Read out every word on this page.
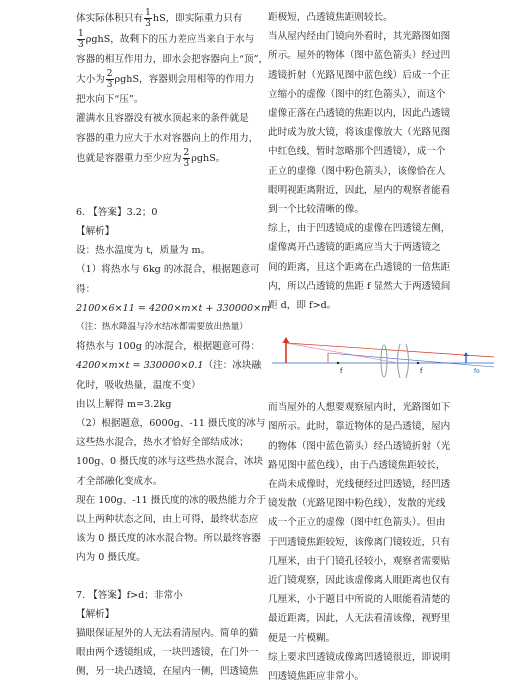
体实际体积只有 $\frac{1}{3}$ hS，即实际重力只有
$\frac{1}{3}$ ρghS，故剩下的压力差应当来自于水与
容器的相互作用力，即水会把容器向上“顶”，
大小为 $\frac{2}{3}$ ρghS，容器则会用相等的作用力
把水向下“压”。
灌满水且容器没有被水顶起来的条件就是
容器的重力应大于水对容器向上的作用力，
也就是容器重力至少应为 $\frac{2}{3}$ ρghS。
6. 【答案】3.2；0
【解析】
设：热水温度为 t，质量为 m。
（1）将热水与 6kg 的冰混合，根据题意可
得：
2100×6×11 = 4200×m×t + 330000×m
（注：热水降温与冷水结冰都需要放出热量）
将热水与 100g 的冰混合，根据题意可得：
4200×m×t = 330000×0.1（注：冰块融
化时，吸收热量，温度不变）
由以上解得 m=3.2kg
（2）根据题意，6000g、-11 摄氏度的冰与
这些热水混合，热水才恰好全部结成冰；
100g、0 摄氏度的冰与这些热水混合，冰块
才全部融化变成水。
现在 100g、-11 摄氏度的冰的吸热能力介于
以上两种状态之间，由上可得，最终状态应
该为 0 摄氏度的冰水混合物。所以最终容器
内为 0 摄氏度。
7. 【答案】f>d；非常小
【解析】
猫眼保证屋外的人无法看清屋内。简单的猫
眼由两个透镜组成，一块凹透镜，在门外一
侧，另一块凸透镜，在屋内一侧，凹透镜焦
距极短，凸透镜焦距则较长。
当从屋内经由门镜向外看时，其光路图如图
所示。屋外的物体（图中蓝色箭头）经过凹
透镜折射（光路见图中蓝色线）后成一个正
立缩小的虚像（图中的红色箭头），而这个
虚像正落在凸透镜的焦距以内，因此凸透镜
此时成为放大镜，将该虚像放大（光路见图
中红色线，暂时忽略那个凹透镜），成一个
正立的虚像（图中粉色箭头），该像恰在人
眼明视距离附近，因此，屋内的观察者能看
到一个比较清晰的像。
综上，由于凹透镜成的虚像在凹透镜左侧，
虚像离开凸透镜的距离应当大于两透镜之
间的距离，且这个距离在凸透镜的一倍焦距
内，所以凸透镜的焦距 f 显然大于两透镜间
距 d，即 f>d。
f	f	fo
而当屋外的人想要观察屋内时，光路图如下
图所示。此时，靠近物体的是凸透镜，屋内
的物体（图中蓝色箭头）经凸透镜折射（光
路见图中蓝色线），由于凸透镜焦距较长，
在尚未成像时，光线便经过凹透镜，经凹透
镜发散（光路见图中粉色线），发散的光线
成一个正立的虚像（图中红色箭头）。但由
于凹透镜焦距较短，该像离门镜较近，只有
几厘米，由于门镜孔径较小，观察者需要贴
近门镜观察，因此该虚像离人眼距离也仅有
几厘米，小于题目中所说的人眼能看清楚的
最近距离，因此，人无法看清该像，视野里
便是一片模糊。
综上要求凹透镜成像离凹透镜很近，即说明
凹透镜焦距应非常小。
